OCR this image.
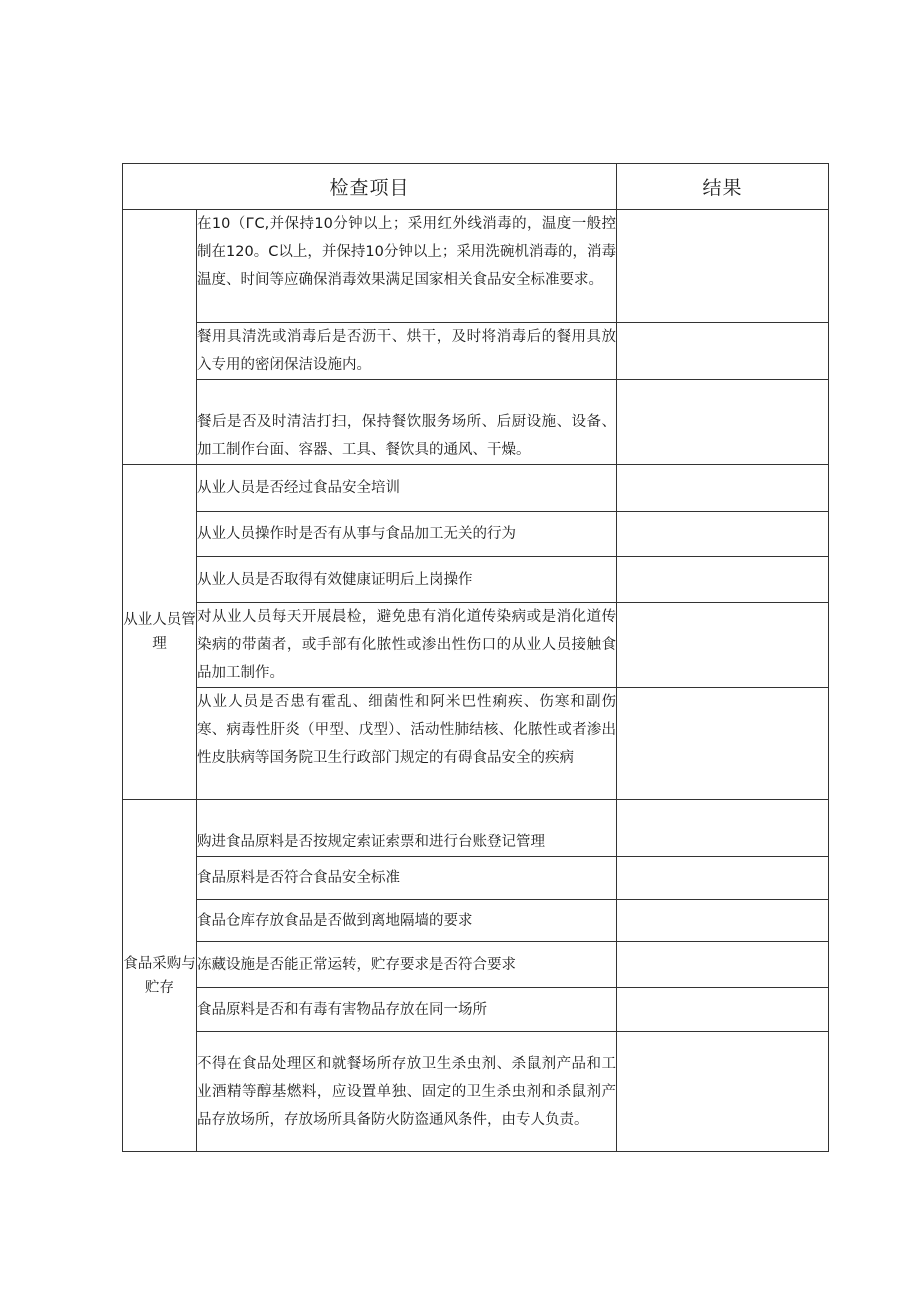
检查项目		结果
	在10（ГС,并保持10分钟以上；采用红外线消毒的，温度一般控制在120。C以上，并保持10分钟以上；采用洗碗机消毒的，消毒温度、时间等应确保消毒效果满足国家相关食品安全标准要求。	
	餐用具清洗或消毒后是否沥干、烘干，及时将消毒后的餐用具放入专用的密闭保洁设施内。	
	餐后是否及时清洁打扫，保持餐饮服务场所、后厨设施、设备、加工制作台面、容器、工具、餐饮具的通风、干燥。	
从业人员管理	从业人员是否经过食品安全培训	
	从业人员操作时是否有从事与食品加工无关的行为	
	从业人员是否取得有效健康证明后上岗操作	
	对从业人员每天开展晨检，避免患有消化道传染病或是消化道传染病的带菌者，或手部有化脓性或渗出性伤口的从业人员接触食品加工制作。	
	从业人员是否患有霍乱、细菌性和阿米巴性痢疾、伤寒和副伤寒、病毒性肝炎（甲型、戊型）、活动性肺结核、化脓性或者渗出性皮肤病等国务院卫生行政部门规定的有碍食品安全的疾病	
食品采购与贮存	购进食品原料是否按规定索证索票和进行台账登记管理	
	食品原料是否符合食品安全标准	
	食品仓库存放食品是否做到离地隔墙的要求	
	冻藏设施是否能正常运转，贮存要求是否符合要求	
	食品原料是否和有毒有害物品存放在同一场所	
	不得在食品处理区和就餐场所存放卫生杀虫剂、杀鼠剂产品和工业酒精等醇基燃料，应设置单独、固定的卫生杀虫剂和杀鼠剂产品存放场所，存放场所具备防火防盗通风条件，由专人负责。	
